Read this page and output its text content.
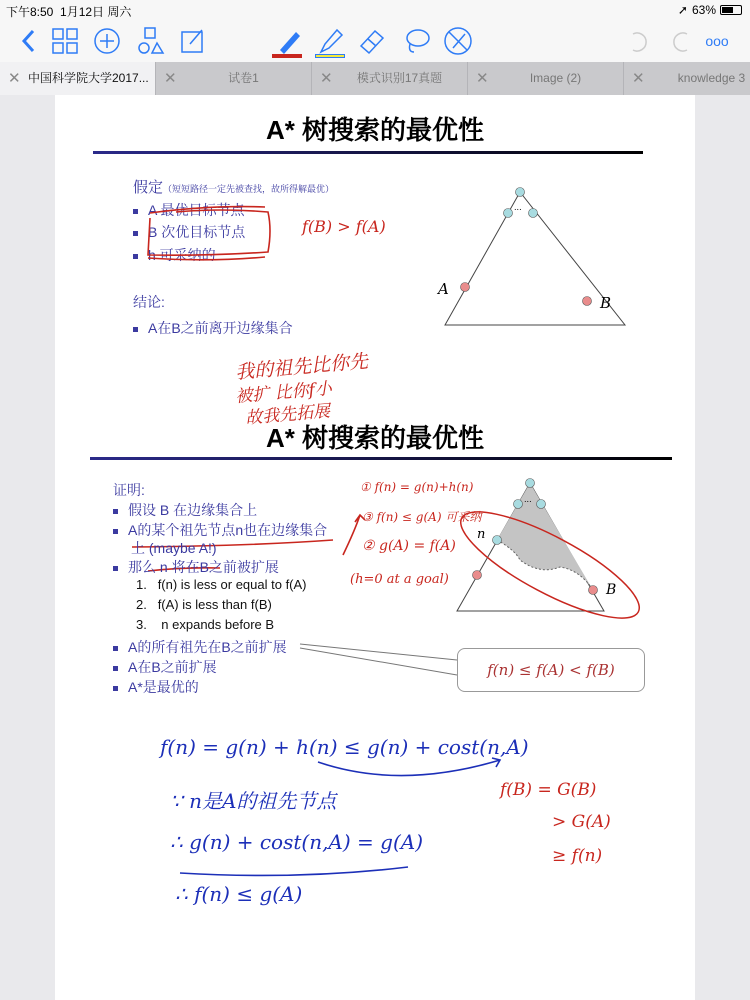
下午8:50 1月12日 周六	➚ 63%
ooo
✕ 中国科学院大学2017...	✕	试卷1	✕ 模式识别17真题	✕	Image (2)	✕	knowledge 3
A* 树搜索的最优性
假定（短短路径一定先被查找，故所得解最优）
A 最优目标节点
B 次优目标节点
h 可采纳的
结论:
A在B之前离开边缘集合
A
B
...
A* 树搜索的最优性
证明:
假设 B 在边缘集合上
A的某个祖先节点n也在边缘集合
上 (maybe A!)
那么 n 将在B之前被扩展
1. f(n) is less or equal to f(A)
2. f(A) is less than f(B)
3. n expands before B
A的所有祖先在B之前扩展
A在B之前扩展
A*是最优的
n
B
...
f(n) ≤ f(A) < f(B)
f(B) > f(A)
我的祖先比你先
被扩 比你f小
故我先拓展
① f(n) = g(n)+h(n)
③ f(n) ≤ g(A) 可采纳
② g(A) = f(A)
(h=0 at a goal)
f(n) = g(n) + h(n) ≤ g(n) + cost(n,A)
∵ n是A的祖先节点
∴ g(n) + cost(n,A) = g(A)
∴ f(n) ≤ g(A)
f(B) = G(B)
> G(A)
≥ f(n)
